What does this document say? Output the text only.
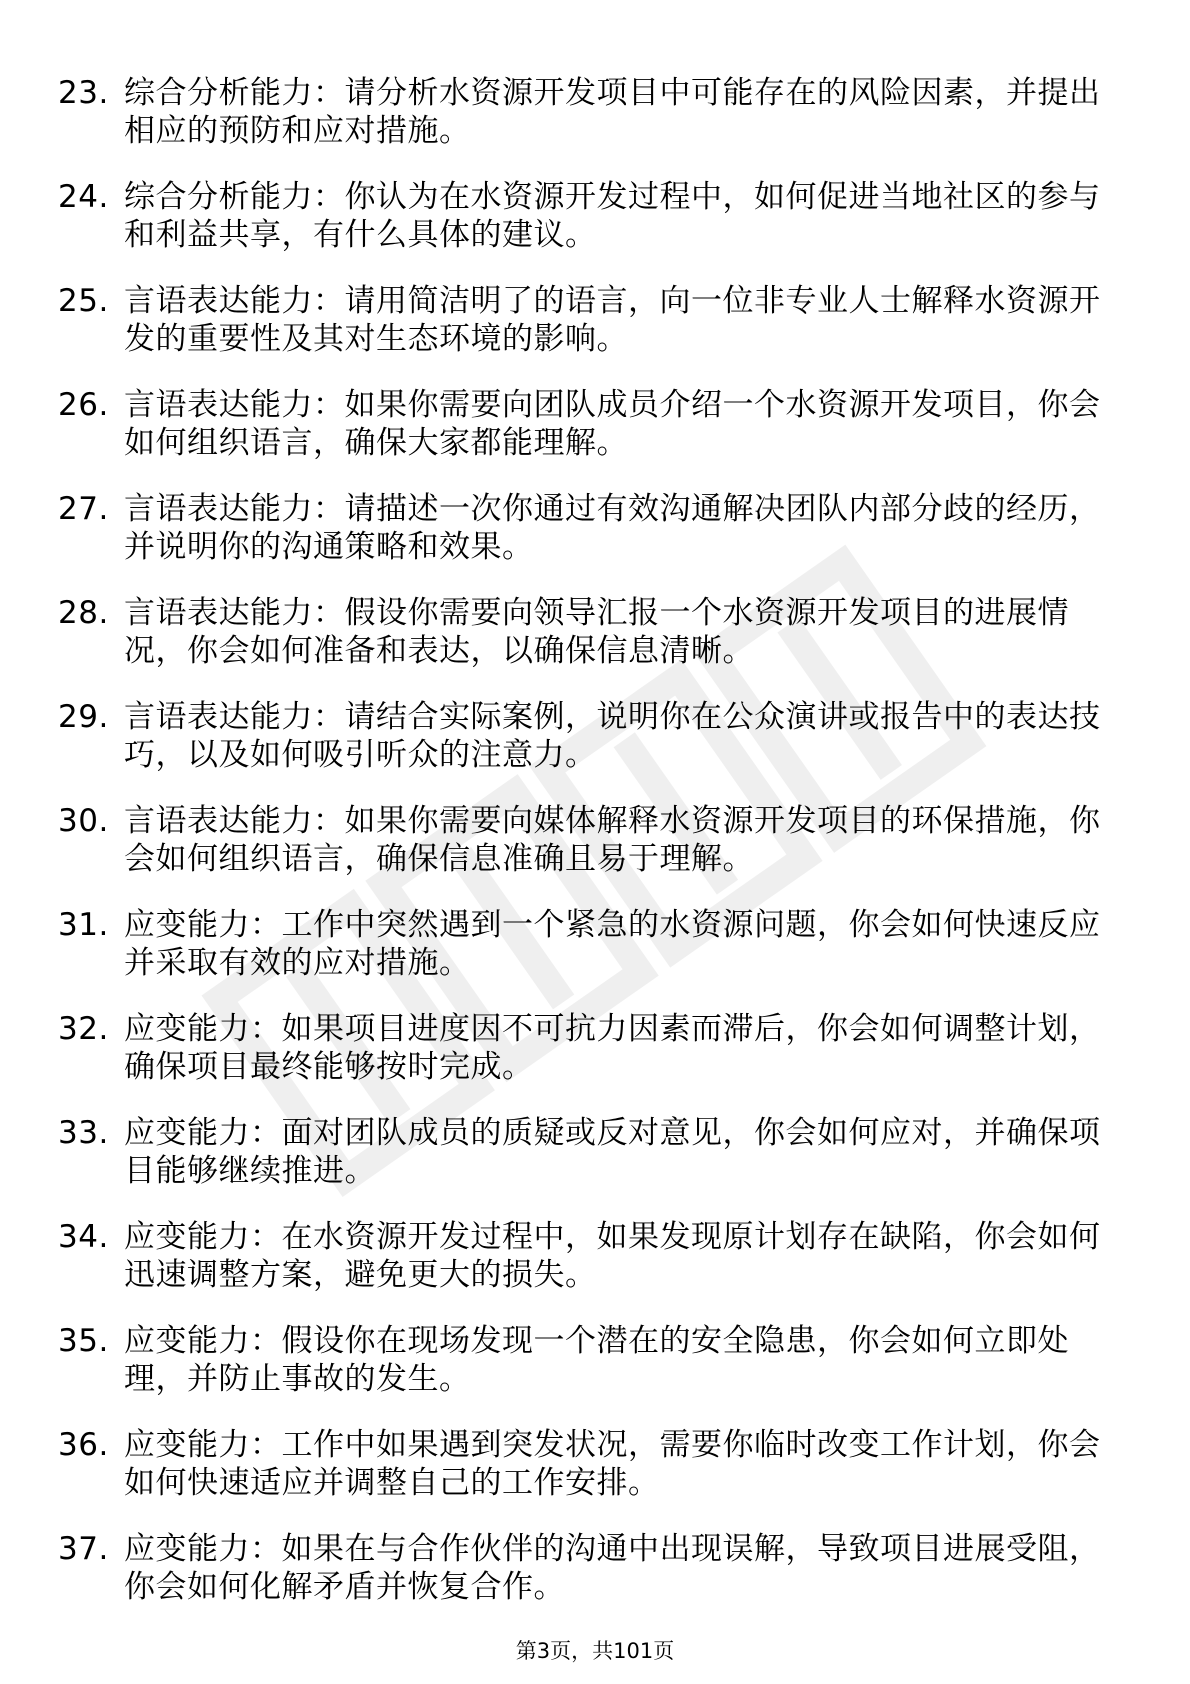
23. 综合分析能力：请分析水资源开发项目中可能存在的风险因素，并提出相应的预防和应对措施。
24. 综合分析能力：你认为在水资源开发过程中，如何促进当地社区的参与和利益共享，有什么具体的建议。
25. 言语表达能力：请用简洁明了的语言，向一位非专业人士解释水资源开发的重要性及其对生态环境的影响。
26. 言语表达能力：如果你需要向团队成员介绍一个水资源开发项目，你会如何组织语言，确保大家都能理解。
27. 言语表达能力：请描述一次你通过有效沟通解决团队内部分歧的经历，并说明你的沟通策略和效果。
28. 言语表达能力：假设你需要向领导汇报一个水资源开发项目的进展情况，你会如何准备和表达，以确保信息清晰。
29. 言语表达能力：请结合实际案例，说明你在公众演讲或报告中的表达技巧，以及如何吸引听众的注意力。
30. 言语表达能力：如果你需要向媒体解释水资源开发项目的环保措施，你会如何组织语言，确保信息准确且易于理解。
31. 应变能力：工作中突然遇到一个紧急的水资源问题，你会如何快速反应并采取有效的应对措施。
32. 应变能力：如果项目进度因不可抗力因素而滞后，你会如何调整计划，确保项目最终能够按时完成。
33. 应变能力：面对团队成员的质疑或反对意见，你会如何应对，并确保项目能够继续推进。
34. 应变能力：在水资源开发过程中，如果发现原计划存在缺陷，你会如何迅速调整方案，避免更大的损失。
35. 应变能力：假设你在现场发现一个潜在的安全隐患，你会如何立即处理，并防止事故的发生。
36. 应变能力：工作中如果遇到突发状况，需要你临时改变工作计划，你会如何快速适应并调整自己的工作安排。
37. 应变能力：如果在与合作伙伴的沟通中出现误解，导致项目进展受阻，你会如何化解矛盾并恢复合作。
第3页，共101页
